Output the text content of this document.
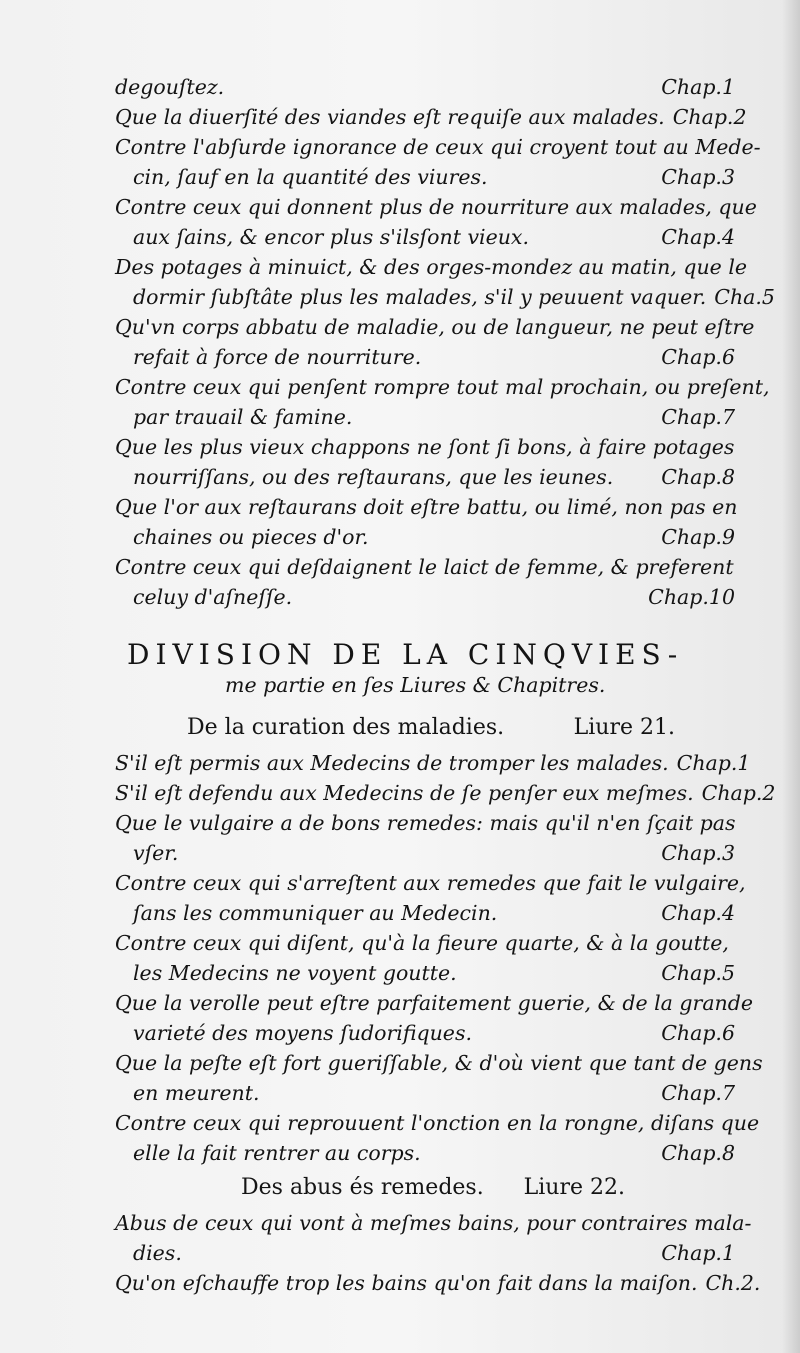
degouſtez.	Chap.1
Que la diuerſité des viandes eſt requiſe aux malades. Chap.2
Contre l'abſurde ignorance de ceux qui croyent tout au Mede-
cin, ſauf en la quantité des viures.	Chap.3
Contre ceux qui donnent plus de nourriture aux malades, que
aux ſains, & encor plus s'ilsſont vieux.	Chap.4
Des potages à minuict, & des orges-mondez au matin, que le
dormir ſubſtâte plus les malades, s'il y peuuent vaquer. Cha.5
Qu'vn corps abbatu de maladie, ou de langueur, ne peut eſtre
refait à force de nourriture.	Chap.6
Contre ceux qui penſent rompre tout mal prochain, ou preſent,
par trauail & famine.	Chap.7
Que les plus vieux chappons ne ſont ſi bons, à faire potages
nourriſſans, ou des reſtaurans, que les ieunes.	Chap.8
Que l'or aux reſtaurans doit eſtre battu, ou limé, non pas en
chaines ou pieces d'or.	Chap.9
Contre ceux qui deſdaignent le laict de femme, & preferent
celuy d'aſneſſe.	Chap.10
DIVISION DE LA CINQVIES-
me partie en ſes Liures & Chapitres.
De la curation des maladies.	Liure 21.
S'il eſt permis aux Medecins de tromper les malades. Chap.1
S'il eſt defendu aux Medecins de ſe penſer eux meſmes. Chap.2
Que le vulgaire a de bons remedes: mais qu'il n'en ſçait pas
vſer.	Chap.3
Contre ceux qui s'arreſtent aux remedes que fait le vulgaire,
ſans les communiquer au Medecin.	Chap.4
Contre ceux qui diſent, qu'à la fieure quarte, & à la goutte,
les Medecins ne voyent goutte.	Chap.5
Que la verolle peut eſtre parfaitement guerie, & de la grande
varieté des moyens ſudorifiques.	Chap.6
Que la peſte eſt fort gueriſſable, & d'où vient que tant de gens
en meurent.	Chap.7
Contre ceux qui reprouuent l'onction en la rongne, diſans que
elle la fait rentrer au corps.	Chap.8
Des abus és remedes. Liure 22.
Abus de ceux qui vont à meſmes bains, pour contraires mala-
dies.	Chap.1
Qu'on eſchauffe trop les bains qu'on fait dans la maiſon. Ch.2.
